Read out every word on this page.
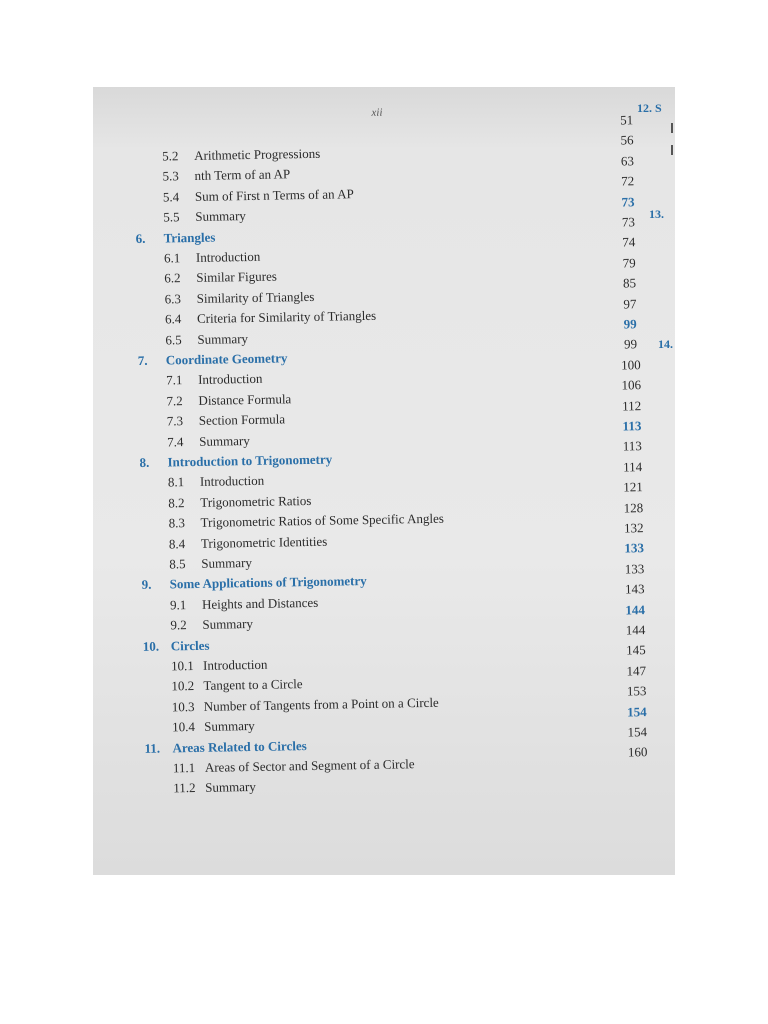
xii
5.2 Arithmetic Progressions
51
5.3 nth Term of an AP
56
5.4 Sum of First n Terms of an AP
63
5.5 Summary
72
6. Triangles
73
6.1 Introduction
73
6.2 Similar Figures
74
6.3 Similarity of Triangles
79
6.4 Criteria for Similarity of Triangles
85
6.5 Summary
97
7. Coordinate Geometry
99
7.1 Introduction
99
7.2 Distance Formula
100
7.3 Section Formula
106
7.4 Summary
112
8. Introduction to Trigonometry
113
8.1 Introduction
113
8.2 Trigonometric Ratios
114
8.3 Trigonometric Ratios of Some Specific Angles
121
8.4 Trigonometric Identities
128
8.5 Summary
132
9. Some Applications of Trigonometry
133
9.1 Heights and Distances
133
9.2 Summary
143
10. Circles
144
10.1 Introduction
144
10.2 Tangent to a Circle
145
10.3 Number of Tangents from a Point on a Circle
147
10.4 Summary
153
11. Areas Related to Circles
154
11.1 Areas of Sector and Segment of a Circle
154
11.2 Summary
160
12. S
13.
14.
